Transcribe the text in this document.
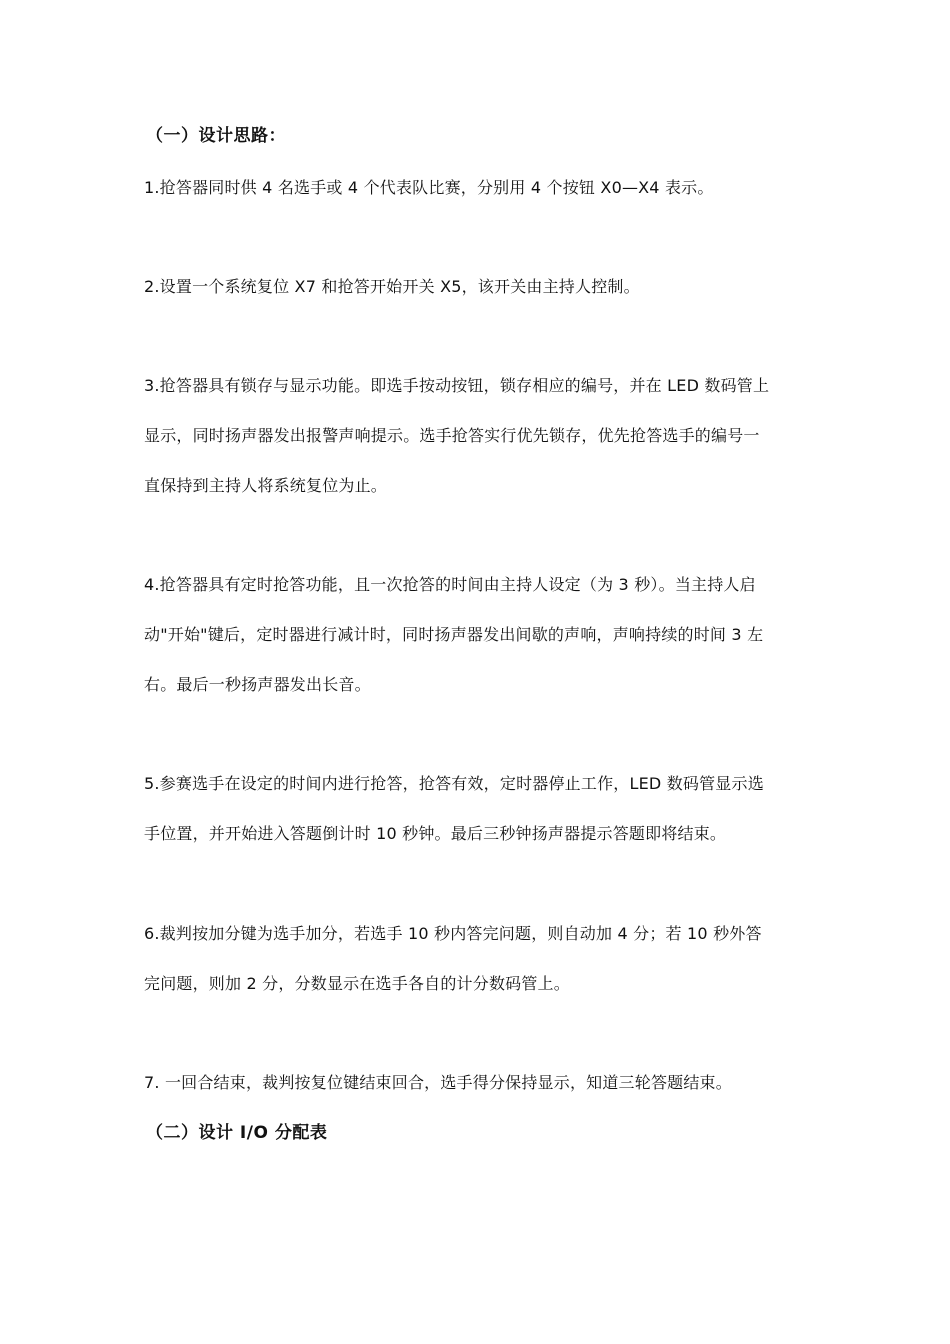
（一）设计思路：
1.抢答器同时供 4 名选手或 4 个代表队比赛，分别用 4 个按钮 X0—X4 表示。
2.设置一个系统复位 X7 和抢答开始开关 X5，该开关由主持人控制。
3.抢答器具有锁存与显示功能。即选手按动按钮，锁存相应的编号，并在 LED 数码管上
显示，同时扬声器发出报警声响提示。选手抢答实行优先锁存，优先抢答选手的编号一
直保持到主持人将系统复位为止。
4.抢答器具有定时抢答功能，且一次抢答的时间由主持人设定（为 3 秒）。当主持人启
动"开始"键后，定时器进行减计时，同时扬声器发出间歇的声响，声响持续的时间 3 左
右。最后一秒扬声器发出长音。
5.参赛选手在设定的时间内进行抢答，抢答有效，定时器停止工作，LED 数码管显示选
手位置，并开始进入答题倒计时 10 秒钟。最后三秒钟扬声器提示答题即将结束。
6.裁判按加分键为选手加分，若选手 10 秒内答完问题，则自动加 4 分；若 10 秒外答
完问题，则加 2 分，分数显示在选手各自的计分数码管上。
7. 一回合结束，裁判按复位键结束回合，选手得分保持显示，知道三轮答题结束。
（二）设计 I/O 分配表
